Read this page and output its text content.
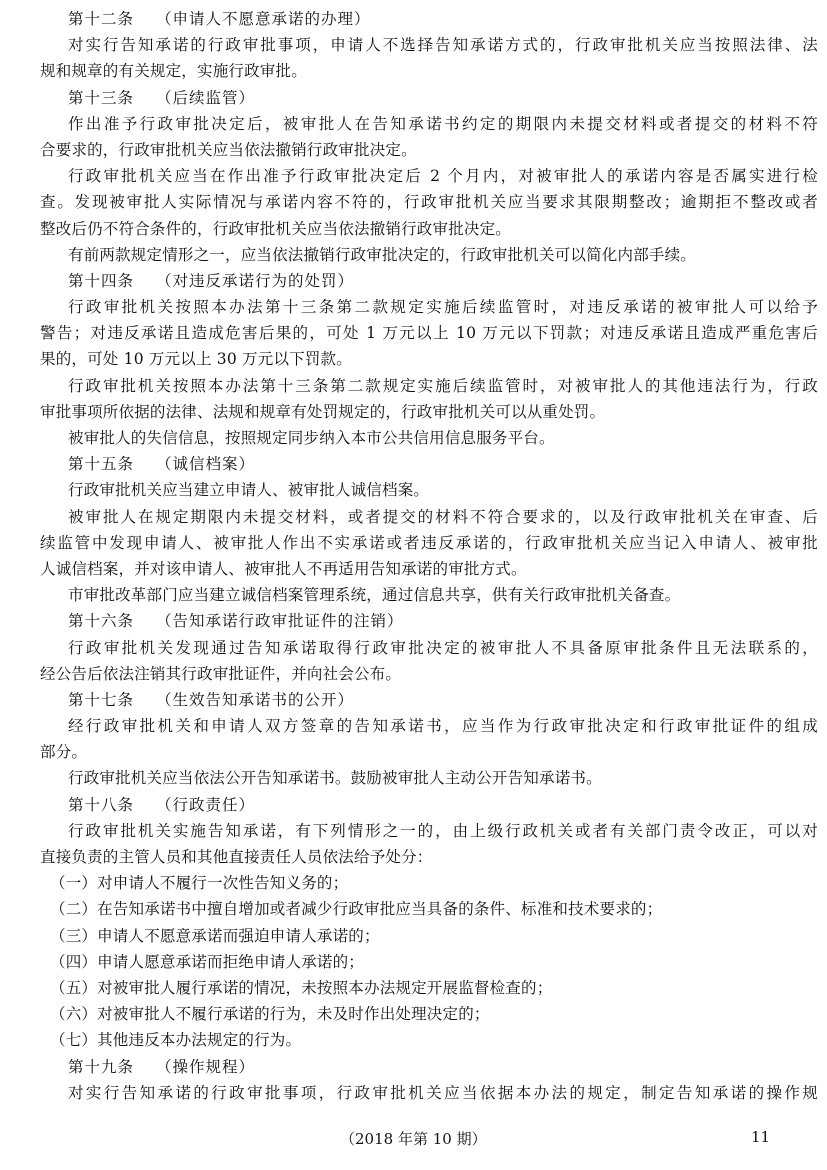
第十二条 （申请人不愿意承诺的办理）
对实行告知承诺的行政审批事项，申请人不选择告知承诺方式的，行政审批机关应当按照法律、法
规和规章的有关规定，实施行政审批。
第十三条 （后续监管）
作出准予行政审批决定后，被审批人在告知承诺书约定的期限内未提交材料或者提交的材料不符
合要求的，行政审批机关应当依法撤销行政审批决定。
行政审批机关应当在作出准予行政审批决定后 2 个月内，对被审批人的承诺内容是否属实进行检
查。发现被审批人实际情况与承诺内容不符的，行政审批机关应当要求其限期整改；逾期拒不整改或者
整改后仍不符合条件的，行政审批机关应当依法撤销行政审批决定。
有前两款规定情形之一，应当依法撤销行政审批决定的，行政审批机关可以简化内部手续。
第十四条 （对违反承诺行为的处罚）
行政审批机关按照本办法第十三条第二款规定实施后续监管时，对违反承诺的被审批人可以给予
警告；对违反承诺且造成危害后果的，可处 1 万元以上 10 万元以下罚款；对违反承诺且造成严重危害后
果的，可处 10 万元以上 30 万元以下罚款。
行政审批机关按照本办法第十三条第二款规定实施后续监管时，对被审批人的其他违法行为，行政
审批事项所依据的法律、法规和规章有处罚规定的，行政审批机关可以从重处罚。
被审批人的失信信息，按照规定同步纳入本市公共信用信息服务平台。
第十五条 （诚信档案）
行政审批机关应当建立申请人、被审批人诚信档案。
被审批人在规定期限内未提交材料，或者提交的材料不符合要求的，以及行政审批机关在审查、后
续监管中发现申请人、被审批人作出不实承诺或者违反承诺的，行政审批机关应当记入申请人、被审批
人诚信档案，并对该申请人、被审批人不再适用告知承诺的审批方式。
市审批改革部门应当建立诚信档案管理系统，通过信息共享，供有关行政审批机关备查。
第十六条 （告知承诺行政审批证件的注销）
行政审批机关发现通过告知承诺取得行政审批决定的被审批人不具备原审批条件且无法联系的，
经公告后依法注销其行政审批证件，并向社会公布。
第十七条 （生效告知承诺书的公开）
经行政审批机关和申请人双方签章的告知承诺书，应当作为行政审批决定和行政审批证件的组成
部分。
行政审批机关应当依法公开告知承诺书。鼓励被审批人主动公开告知承诺书。
第十八条 （行政责任）
行政审批机关实施告知承诺，有下列情形之一的，由上级行政机关或者有关部门责令改正，可以对
直接负责的主管人员和其他直接责任人员依法给予处分：
（一）对申请人不履行一次性告知义务的；
（二）在告知承诺书中擅自增加或者减少行政审批应当具备的条件、标准和技术要求的；
（三）申请人不愿意承诺而强迫申请人承诺的；
（四）申请人愿意承诺而拒绝申请人承诺的；
（五）对被审批人履行承诺的情况，未按照本办法规定开展监督检查的；
（六）对被审批人不履行承诺的行为，未及时作出处理决定的；
（七）其他违反本办法规定的行为。
第十九条 （操作规程）
对实行告知承诺的行政审批事项，行政审批机关应当依据本办法的规定，制定告知承诺的操作规
（2018 年第 10 期）	11
